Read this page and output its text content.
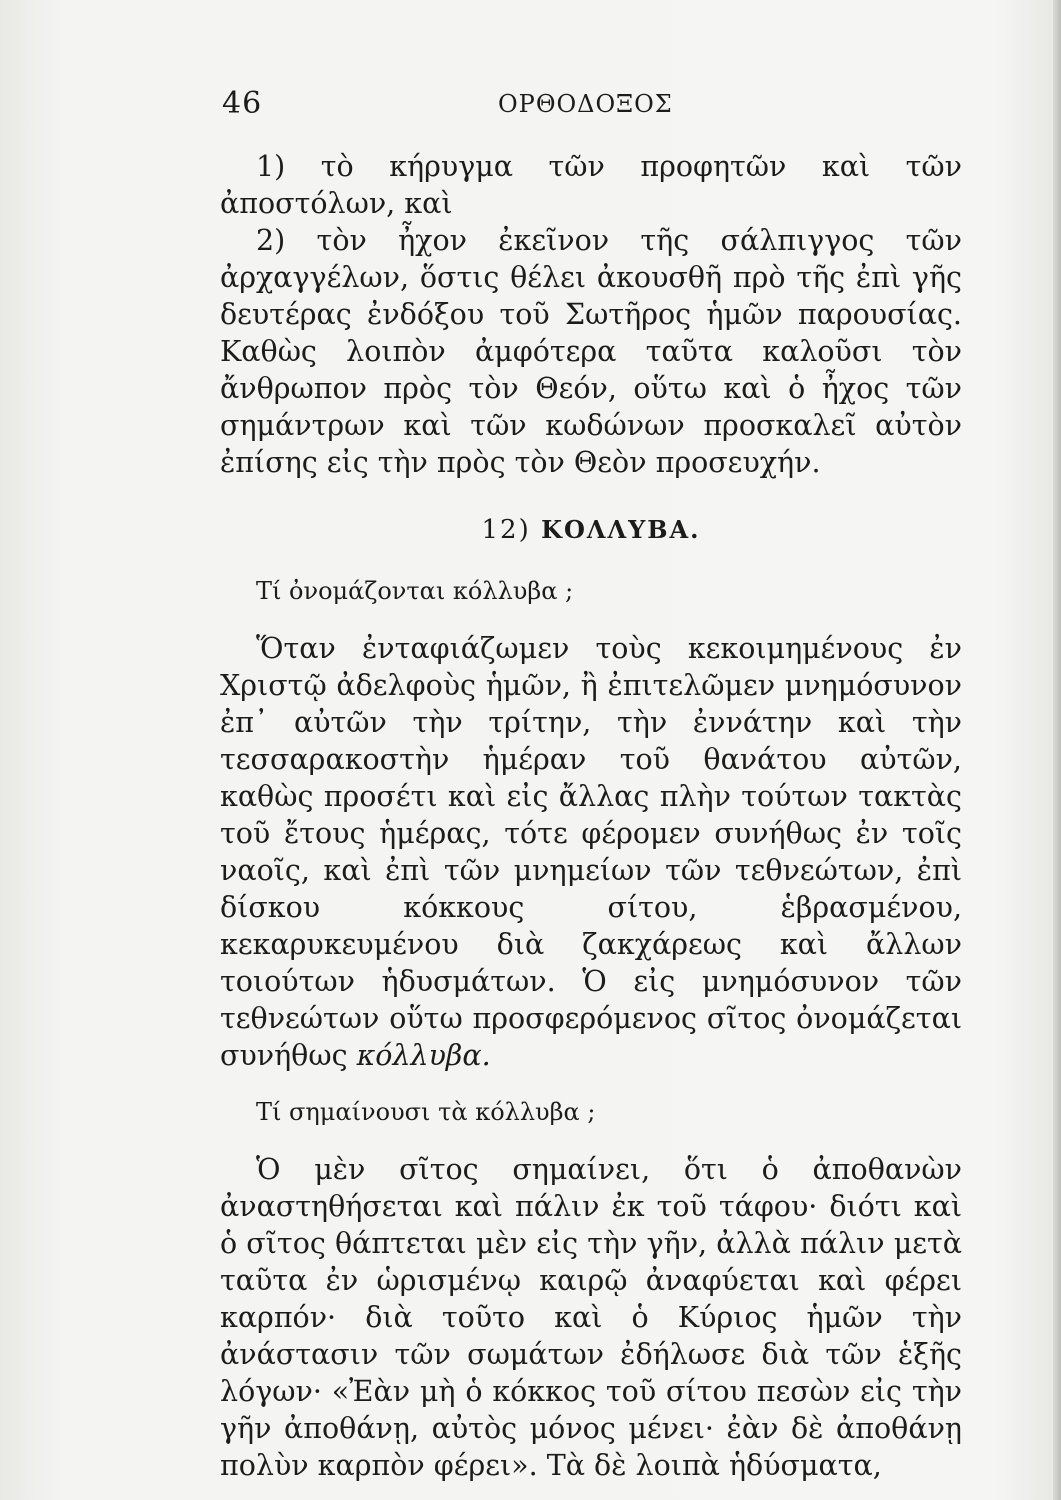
46	ΟΡΘΟΔΟΞΟΣ

1) τὸ κήρυγμα τῶν προφητῶν καὶ τῶν ἀποστόλων, καὶ

2) τὸν ἦχον ἐκεῖνον τῆς σάλπιγγος τῶν ἀρχαγγέλων, ὅστις θέλει ἀκουσθῆ πρὸ τῆς ἐπὶ γῆς δευτέρας ἐνδόξου τοῦ Σωτῆρος ἡμῶν παρουσίας. Καθὼς λοιπὸν ἀμφότερα ταῦτα καλοῦσι τὸν ἄνθρωπον πρὸς τὸν Θεόν, οὕτω καὶ ὁ ἦχος τῶν σημάντρων καὶ τῶν κωδώνων προσκαλεῖ αὐτὸν ἐπίσης εἰς τὴν πρὸς τὸν Θεὸν προσευχήν.

12) ΚΟΛΛΥΒΑ.

Τί ὀνομάζονται κόλλυβα ;

Ὅταν ἐνταφιάζωμεν τοὺς κεκοιμημένους ἐν Χριστῷ ἀδελφοὺς ἡμῶν, ἢ ἐπιτελῶμεν μνημόσυνον ἐπ᾽ αὐτῶν τὴν τρίτην, τὴν ἐννάτην καὶ τὴν τεσσαρακοστὴν ἡμέραν τοῦ θανάτου αὐτῶν, καθὼς προσέτι καὶ εἰς ἄλλας πλὴν τούτων τακτὰς τοῦ ἔτους ἡμέρας, τότε φέρομεν συνήθως ἐν τοῖς ναοῖς, καὶ ἐπὶ τῶν μνημείων τῶν τεθνεώτων, ἐπὶ δίσκου κόκκους σίτου, ἑβρασμένου, κεκαρυκευμένου διὰ ζακχάρεως καὶ ἄλλων τοιούτων ἡδυσμάτων. Ὁ εἰς μνημόσυνον τῶν τεθνεώτων οὕτω προσφερόμενος σῖτος ὀνομάζεται συνήθως κόλλυβα.

Τί σημαίνουσι τὰ κόλλυβα ;

Ὁ μὲν σῖτος σημαίνει, ὅτι ὁ ἀποθανὼν ἀναστηθήσεται καὶ πάλιν ἐκ τοῦ τάφου· διότι καὶ ὁ σῖτος θάπτεται μὲν εἰς τὴν γῆν, ἀλλὰ πάλιν μετὰ ταῦτα ἐν ὡρισμένῳ καιρῷ ἀναφύεται καὶ φέρει καρπόν· διὰ τοῦτο καὶ ὁ Κύριος ἡμῶν τὴν ἀνάστασιν τῶν σωμάτων ἐδήλωσε διὰ τῶν ἑξῆς λόγων· «Ἐὰν μὴ ὁ κόκκος τοῦ σίτου πεσὼν εἰς τὴν γῆν ἀποθάνῃ, αὐτὸς μόνος μένει· ἐὰν δὲ ἀποθάνῃ πολὺν καρπὸν φέρει». Τὰ δὲ λοιπὰ ἡδύσματα,
